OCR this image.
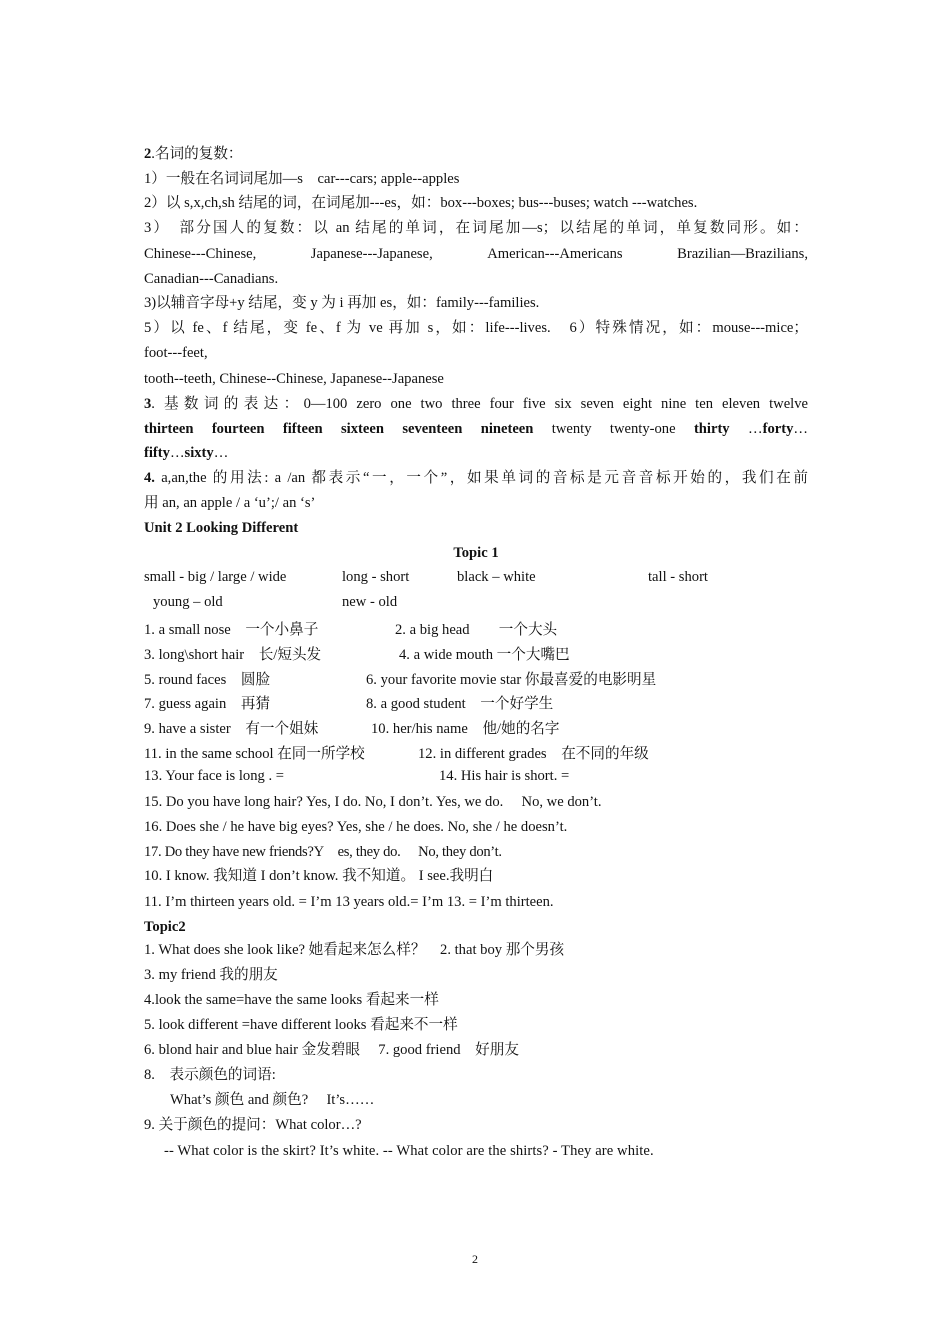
2.名词的复数：
1）一般在名词词尾加—s　car---cars; apple--apples
2）以 s,x,ch,sh 结尾的词，在词尾加---es，如：box---boxes; bus---buses; watch ---watches.
3）　部分国人的复数：以 an 结尾的单词，在词尾加—s；以结尾的单词，单复数同形。如：
Chinese---Chinese,　Japanese---Japanese,　American---Americans　Brazilian—Brazilians,
Canadian---Canadians.
3)以辅音字母+y 结尾，变 y 为 i 再加 es，如：family---families.
5）以 fe、f 结尾，变 fe、f 为 ve 再加 s，如：life---lives.　6）特殊情况，如：mouse---mice；
foot---feet,
tooth--teeth, Chinese--Chinese, Japanese--Japanese
3. 基数词的表达：0—100 zero one two three four five six seven eight nine ten eleven twelve
thirteen fourteen fifteen sixteen seventeen nineteen twenty twenty-one thirty …forty…
fifty…sixty…
4. a,an,the 的用法: a /an 都表示“一，一个”，如果单词的音标是元音音标开始的，我们在前
用 an, an apple / a ‘u’;/ an ‘s’
Unit 2 Looking Different
Topic 1
small - big / large / wide	long - short	black – white	tall - short
young – old	new - old
1. a small nose　一个小鼻子	2. a big head　　一个大头
3. long\short hair　长/短头发	4. a wide mouth 一个大嘴巴
5. round faces　圆脸	6. your favorite movie star 你最喜爱的电影明星
7. guess again　再猜	8. a good student　一个好学生
9. have a sister　有一个姐妹	10. her/his name　他/她的名字
11. in the same school 在同一所学校	12. in different grades　在不同的年级
13. Your face is long . =	14. His hair is short. =
15. Do you have long hair? Yes, I do. No, I don’t. Yes, we do.　 No, we don’t.
16. Does she / he have big eyes? Yes, she / he does. No, she / he doesn’t.
17. Do they have new friends?Y　es, they do.　 No, they don’t.
10. I know. 我知道 I don’t know. 我不知道。 I see.我明白
11. I’m thirteen years old. = I’m 13 years old.= I’m 13. = I’m thirteen.
Topic2
1. What does she look like? 她看起来怎么样？　2. that boy 那个男孩
3. my friend 我的朋友
4.look the same=have the same looks 看起来一样
5. look different =have different looks 看起来不一样
6. blond hair and blue hair 金发碧眼　 7. good friend　好朋友
8.　表示颜色的词语:
What’s 颜色 and 颜色?　 It’s……
9. 关于颜色的提问：What color…?
-- What color is the skirt? It’s white. -- What color are the shirts? - They are white.
2
